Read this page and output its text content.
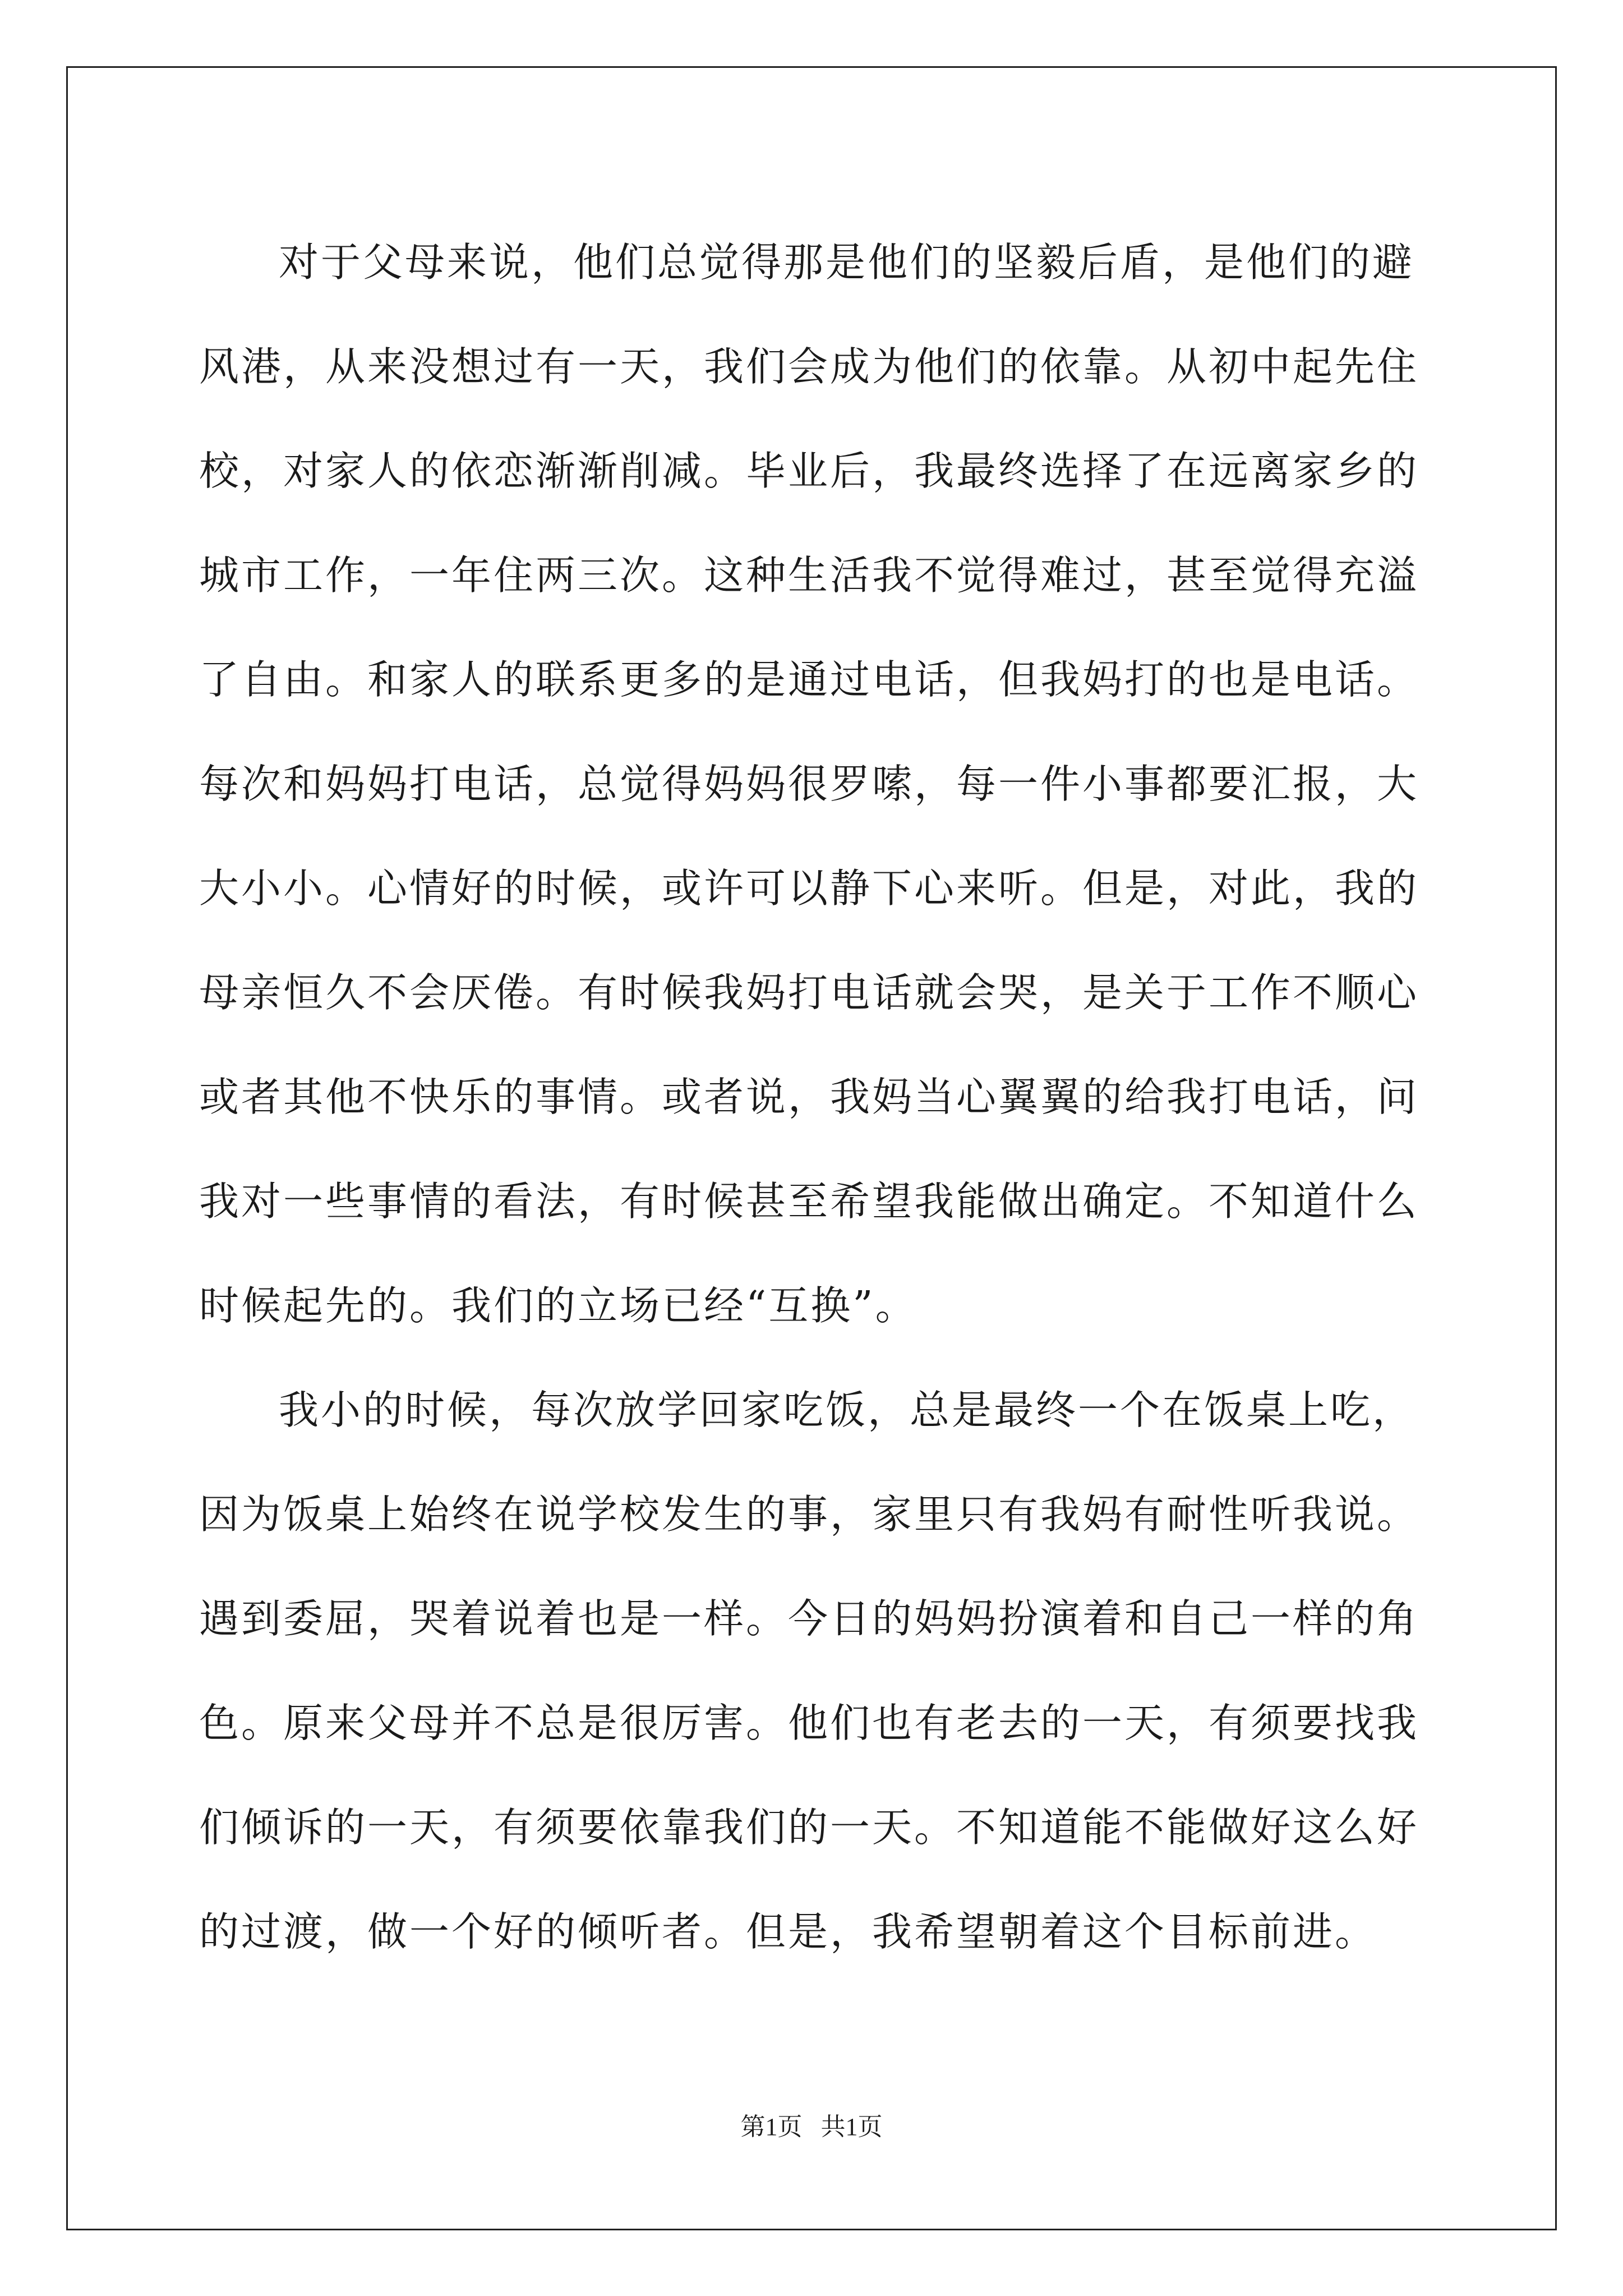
对于父母来说，他们总觉得那是他们的坚毅后盾，是他们的避风港，从来没想过有一天，我们会成为他们的依靠。从初中起先住校，对家人的依恋渐渐削减。毕业后，我最终选择了在远离家乡的城市工作，一年住两三次。这种生活我不觉得难过，甚至觉得充溢了自由。和家人的联系更多的是通过电话，但我妈打的也是电话。每次和妈妈打电话，总觉得妈妈很罗嗦，每一件小事都要汇报，大大小小。心情好的时候，或许可以静下心来听。但是，对此，我的母亲恒久不会厌倦。有时候我妈打电话就会哭，是关于工作不顺心或者其他不快乐的事情。或者说，我妈当心翼翼的给我打电话，问我对一些事情的看法，有时候甚至希望我能做出确定。不知道什么时候起先的。我们的立场已经“互换”。

我小的时候，每次放学回家吃饭，总是最终一个在饭桌上吃，因为饭桌上始终在说学校发生的事，家里只有我妈有耐性听我说。遇到委屈，哭着说着也是一样。今日的妈妈扮演着和自己一样的角色。原来父母并不总是很厉害。他们也有老去的一天，有须要找我们倾诉的一天，有须要依靠我们的一天。不知道能不能做好这么好的过渡，做一个好的倾听者。但是，我希望朝着这个目标前进。

第1页   共1页
